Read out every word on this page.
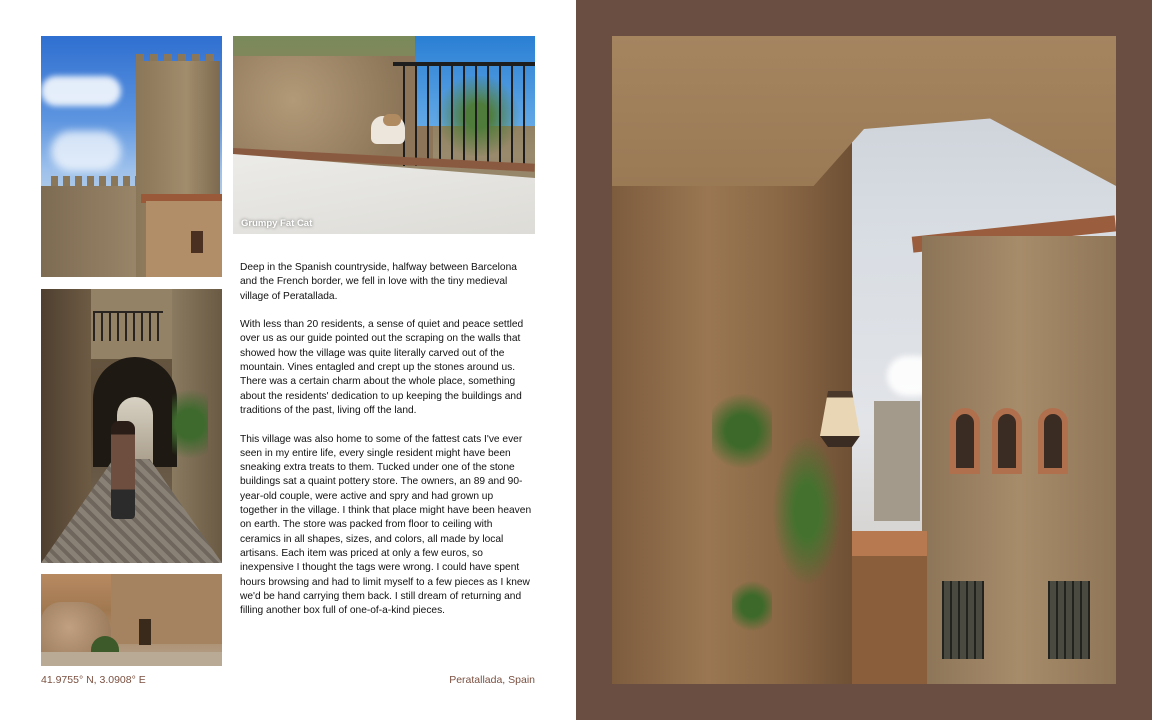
Grumpy Fat Cat

Deep in the Spanish countryside, halfway between Barcelona and the French border, we fell in love with the tiny medieval village of Peratallada.

With less than 20 residents, a sense of quiet and peace settled over us as our guide pointed out the scraping on the walls that showed how the village was quite literally carved out of the mountain. Vines entagled and crept up the stones around us. There was a certain charm about the whole place, something about the residents' dedication to up keeping the buildings and traditions of the past, living off the land.

This village was also home to some of the fattest cats I've ever seen in my entire life, every single resident might have been sneaking extra treats to them. Tucked under one of the stone buildings sat a quaint pottery store. The owners, an 89 and 90-year-old couple, were active and spry and had grown up together in the village. I think that place might have been heaven on earth. The store was packed from floor to ceiling with ceramics in all shapes, sizes, and colors, all made by local artisans. Each item was priced at only a few euros, so inexpensive I thought the tags were wrong. I could have spent hours browsing and had to limit myself to a few pieces as I knew we'd be hand carrying them back. I still dream of returning and filling another box full of one-of-a-kind pieces.

41.9755° N, 3.0908° E	Peratallada, Spain
